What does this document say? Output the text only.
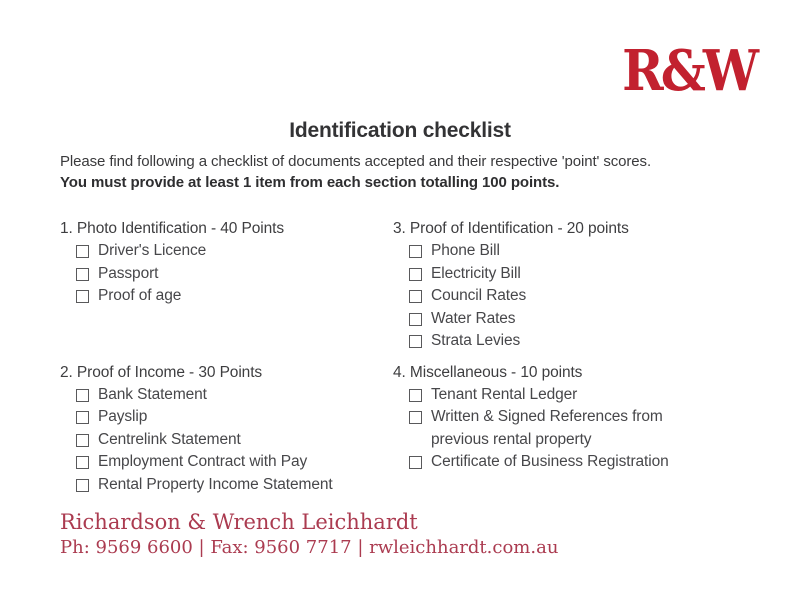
R&W
Identification checklist
Please find following a checklist of documents accepted and their respective 'point' scores.
You must provide at least 1 item from each section totalling 100 points.
1. Photo Identification - 40 Points
Driver's Licence
Passport
Proof of age
2. Proof of Income - 30 Points
Bank Statement
Payslip
Centrelink Statement
Employment Contract with Pay
Rental Property Income Statement
3. Proof of Identification - 20 points
Phone Bill
Electricity Bill
Council Rates
Water Rates
Strata Levies
4. Miscellaneous - 10 points
Tenant Rental Ledger
Written & Signed References from previous rental property
Certificate of Business Registration
Richardson & Wrench Leichhardt
Ph: 9569 6600 | Fax: 9560 7717 | rwleichhardt.com.au
